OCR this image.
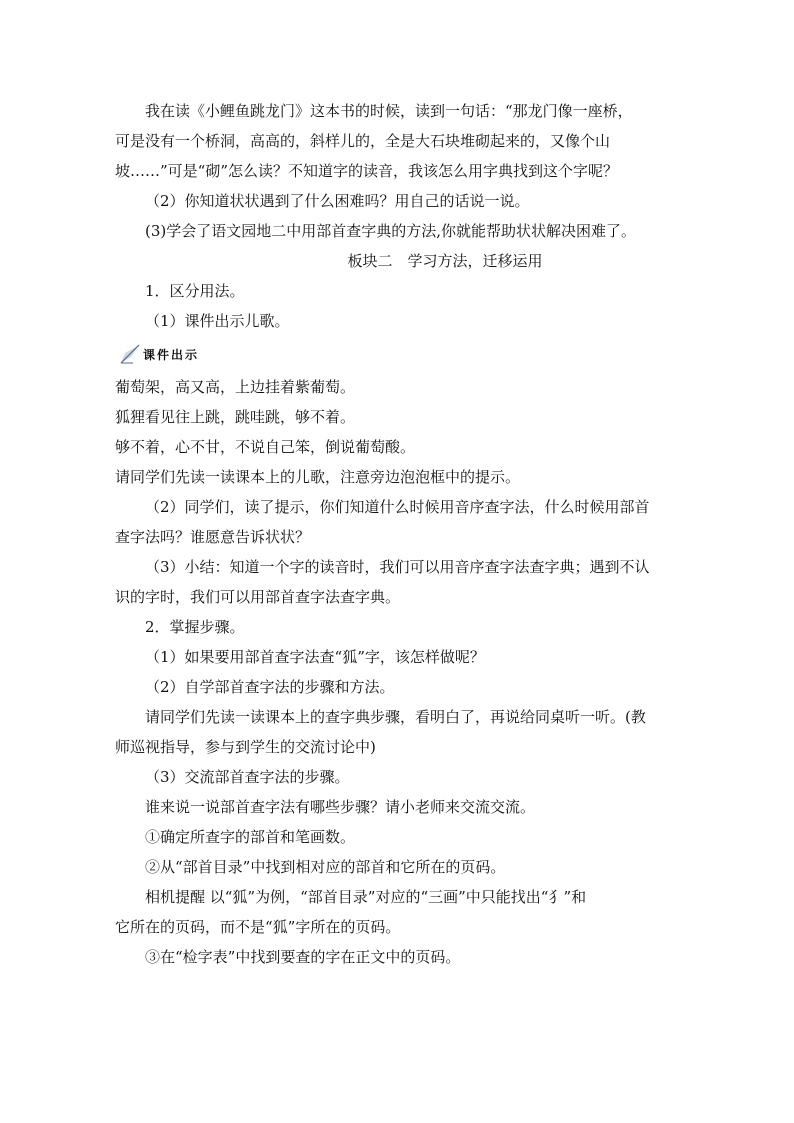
我在读《小鲤鱼跳龙门》这本书的时候，读到一句话：“那龙门像一座桥，
可是没有一个桥洞，高高的，斜样儿的，全是大石块堆砌起来的，又像个山
坡……”可是“砌”怎么读？不知道字的读音，我该怎么用字典找到这个字呢？
（2）你知道状状遇到了什么困难吗？用自己的话说一说。
(3)学会了语文园地二中用部首查字典的方法,你就能帮助状状解决困难了。
板块二　学习方法，迁移运用
1．区分用法。
（1）课件出示儿歌。
课件出示
葡萄架，高又高，上边挂着紫葡萄。
狐狸看见往上跳，跳哇跳，够不着。
够不着，心不甘，不说自己笨，倒说葡萄酸。
请同学们先读一读课本上的儿歌，注意旁边泡泡框中的提示。
（2）同学们，读了提示，你们知道什么时候用音序查字法，什么时候用部首
查字法吗？谁愿意告诉状状？
（3）小结：知道一个字的读音时，我们可以用音序查字法查字典；遇到不认
识的字时，我们可以用部首查字法查字典。
2．掌握步骤。
（1）如果要用部首查字法查“狐”字，该怎样做呢？
（2）自学部首查字法的步骤和方法。
请同学们先读一读课本上的查字典步骤，看明白了，再说给同桌听一听。(教
师巡视指导，参与到学生的交流讨论中)
（3）交流部首查字法的步骤。
谁来说一说部首查字法有哪些步骤？请小老师来交流交流。
①确定所查字的部首和笔画数。
②从“部首目录”中找到相对应的部首和它所在的页码。
相机提醒 以“狐”为例，“部首目录”对应的“三画”中只能找出“犭”和
它所在的页码，而不是“狐”字所在的页码。
③在“检字表”中找到要查的字在正文中的页码。
